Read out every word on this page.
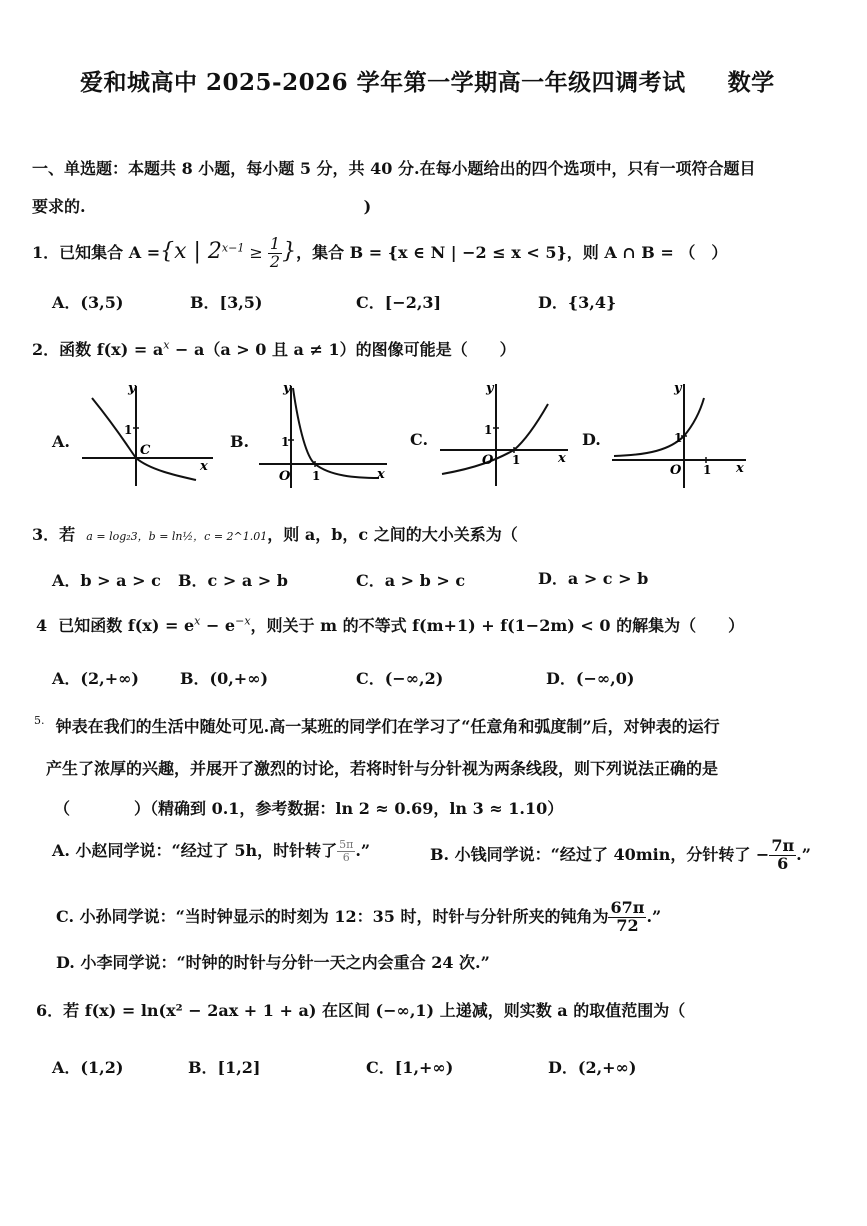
爱和城高中 2025-2026 学年第一学期高一年级四调考试 数学
一、单选题：本题共 8 小题，每小题 5 分，共 40 分.在每小题给出的四个选项中，只有一项符合题目
要求的.	)
1．已知集合 A ={x | $2^{x-1} \ge \frac{1}{2}$ }，集合 B = {x ∈ N | −2 ≤ x < 5}，则 A ∩ B = （　）
A．(3,5)	B．[3,5)	C．[−2,3]	D．{3,4}
2．函数 $f(x) = a^x - a(a > 0$ 且 a ≠ 1）的图像可能是（　　）
A.
y
x
1
C	B.
y
x
1
1
O
C.
y
x
1
1
O
D.
y
x
1
1
O
3．若 a = log₂3，b = ln½，c = 2^1.01，则 a，b，c 之间的大小关系为（
A．b > a > c B．c > a > b	C．a > b > c	D．a > c > b
4 已知函数 $f(x) = e^x - e^{-x}$，则关于 m 的不等式 f(m+1) + f(1−2m) < 0 的解集为（　　）
A．(2,+∞)	B．(0,+∞)	C．(−∞,2)	D．(−∞,0)
$^{5.}$ 钟表在我们的生活中随处可见.高一某班的同学们在学习了“任意角和弧度制”后，对钟表的运行
产生了浓厚的兴趣，并展开了激烈的讨论，若将时针与分针视为两条线段，则下列说法正确的是
（　　　　）（精确到 0.1，参考数据：ln 2 ≈ 0.69，ln 3 ≈ 1.10）
A. 小赵同学说：“经过了 5h，时针转了 $\frac{5\pi}{6}$ .”	B. 小钱同学说：“经过了 40min，分针转了 − $\frac{7\pi}{6}$ .”
C. 小孙同学说：“当时钟显示的时刻为 12：35 时，时针与分针所夹的钝角为 $\frac{67\pi}{72}$ .”
D. 小李同学说：“时钟的时针与分针一天之内会重合 24 次.”
6．若 f(x) = ln(x² − 2ax + 1 + a) 在区间 (−∞,1) 上递减，则实数 a 的取值范围为（
A．(1,2)	B．[1,2]	C．[1,+∞)	D．(2,+∞)
